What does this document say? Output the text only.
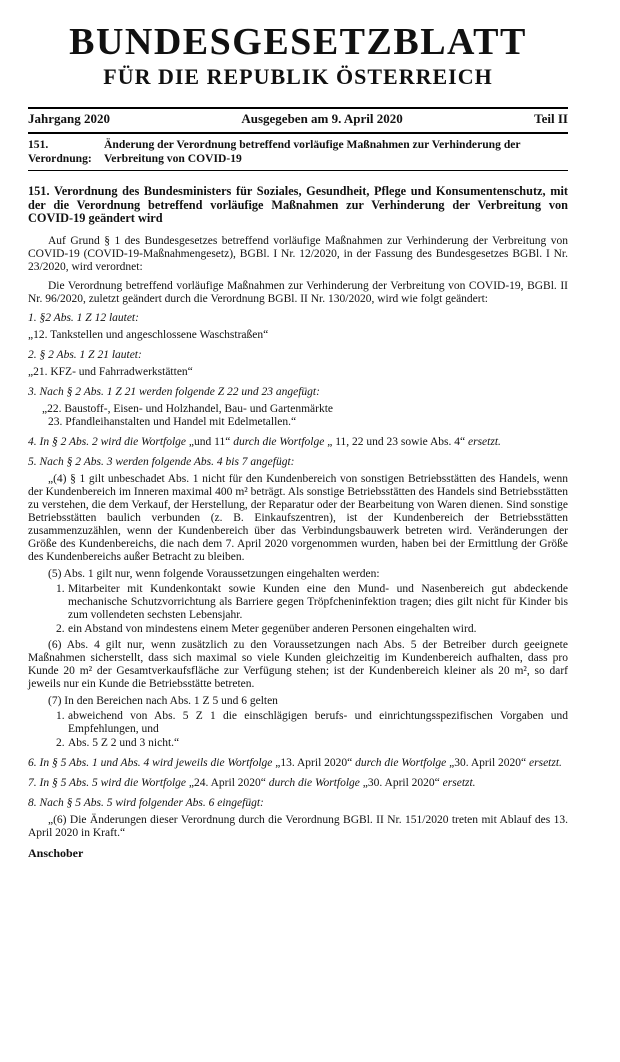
BUNDESGESETZBLATT
FÜR DIE REPUBLIK ÖSTERREICH
Jahrgang 2020	Ausgegeben am 9. April 2020	Teil II
151.	Änderung der Verordnung betreffend vorläufige Maßnahmen zur Verhinderung der
Verordnung:	Verbreitung von COVID-19

151. Verordnung des Bundesministers für Soziales, Gesundheit, Pflege und Konsumentenschutz, mit der die Verordnung betreffend vorläufige Maßnahmen zur Verhinderung der Verbreitung von COVID-19 geändert wird

Auf Grund § 1 des Bundesgesetzes betreffend vorläufige Maßnahmen zur Verhinderung der Verbreitung von COVID-19 (COVID-19-Maßnahmengesetz), BGBl. I Nr. 12/2020, in der Fassung des Bundesgesetzes BGBl. I Nr. 23/2020, wird verordnet:

Die Verordnung betreffend vorläufige Maßnahmen zur Verhinderung der Verbreitung von COVID-19, BGBl. II Nr. 96/2020, zuletzt geändert durch die Verordnung BGBl. II Nr. 130/2020, wird wie folgt geändert:

1. §2 Abs. 1 Z 12 lautet:

„12. Tankstellen und angeschlossene Waschstraßen“

2. § 2 Abs. 1 Z 21 lautet:

„21. KFZ- und Fahrradwerkstätten“

3. Nach § 2 Abs. 1 Z 21 werden folgende Z 22 und 23 angefügt:

„22. Baustoff-, Eisen- und Holzhandel, Bau- und Gartenmärkte
23. Pfandleihanstalten und Handel mit Edelmetallen.“

4. In § 2 Abs. 2 wird die Wortfolge „und 11“ durch die Wortfolge „ 11, 22 und 23 sowie Abs. 4“ ersetzt.

5. Nach § 2 Abs. 3 werden folgende Abs. 4 bis 7 angefügt:

„(4) § 1 gilt unbeschadet Abs. 1 nicht für den Kundenbereich von sonstigen Betriebsstätten des Handels, wenn der Kundenbereich im Inneren maximal 400 m² beträgt. Als sonstige Betriebsstätten des Handels sind Betriebsstätten zu verstehen, die dem Verkauf, der Herstellung, der Reparatur oder der Bearbeitung von Waren dienen. Sind sonstige Betriebsstätten baulich verbunden (z. B. Einkaufszentren), ist der Kundenbereich der Betriebsstätten zusammenzuzählen, wenn der Kundenbereich über das Verbindungsbauwerk betreten wird. Veränderungen der Größe des Kundenbereichs, die nach dem 7. April 2020 vorgenommen wurden, haben bei der Ermittlung der Größe des Kundenbereichs außer Betracht zu bleiben.

(5) Abs. 1 gilt nur, wenn folgende Voraussetzungen eingehalten werden:

1. Mitarbeiter mit Kundenkontakt sowie Kunden eine den Mund- und Nasenbereich gut abdeckende mechanische Schutzvorrichtung als Barriere gegen Tröpfcheninfektion tragen; dies gilt nicht für Kinder bis zum vollendeten sechsten Lebensjahr.
2. ein Abstand von mindestens einem Meter gegenüber anderen Personen eingehalten wird.

(6) Abs. 4 gilt nur, wenn zusätzlich zu den Voraussetzungen nach Abs. 5 der Betreiber durch geeignete Maßnahmen sicherstellt, dass sich maximal so viele Kunden gleichzeitig im Kundenbereich aufhalten, dass pro Kunde 20 m² der Gesamtverkaufsfläche zur Verfügung stehen; ist der Kundenbereich kleiner als 20 m², so darf jeweils nur ein Kunde die Betriebsstätte betreten.

(7) In den Bereichen nach Abs. 1 Z 5 und 6 gelten

1. abweichend von Abs. 5 Z 1 die einschlägigen berufs- und einrichtungsspezifischen Vorgaben und Empfehlungen, und
2. Abs. 5 Z 2 und 3 nicht.“

6. In § 5 Abs. 1 und Abs. 4 wird jeweils die Wortfolge „13. April 2020“ durch die Wortfolge „30. April 2020“ ersetzt.

7. In § 5 Abs. 5 wird die Wortfolge „24. April 2020“ durch die Wortfolge „30. April 2020“ ersetzt.

8. Nach § 5 Abs. 5 wird folgender Abs. 6 eingefügt:

„(6) Die Änderungen dieser Verordnung durch die Verordnung BGBl. II Nr. 151/2020 treten mit Ablauf des 13. April 2020 in Kraft.“

Anschober
